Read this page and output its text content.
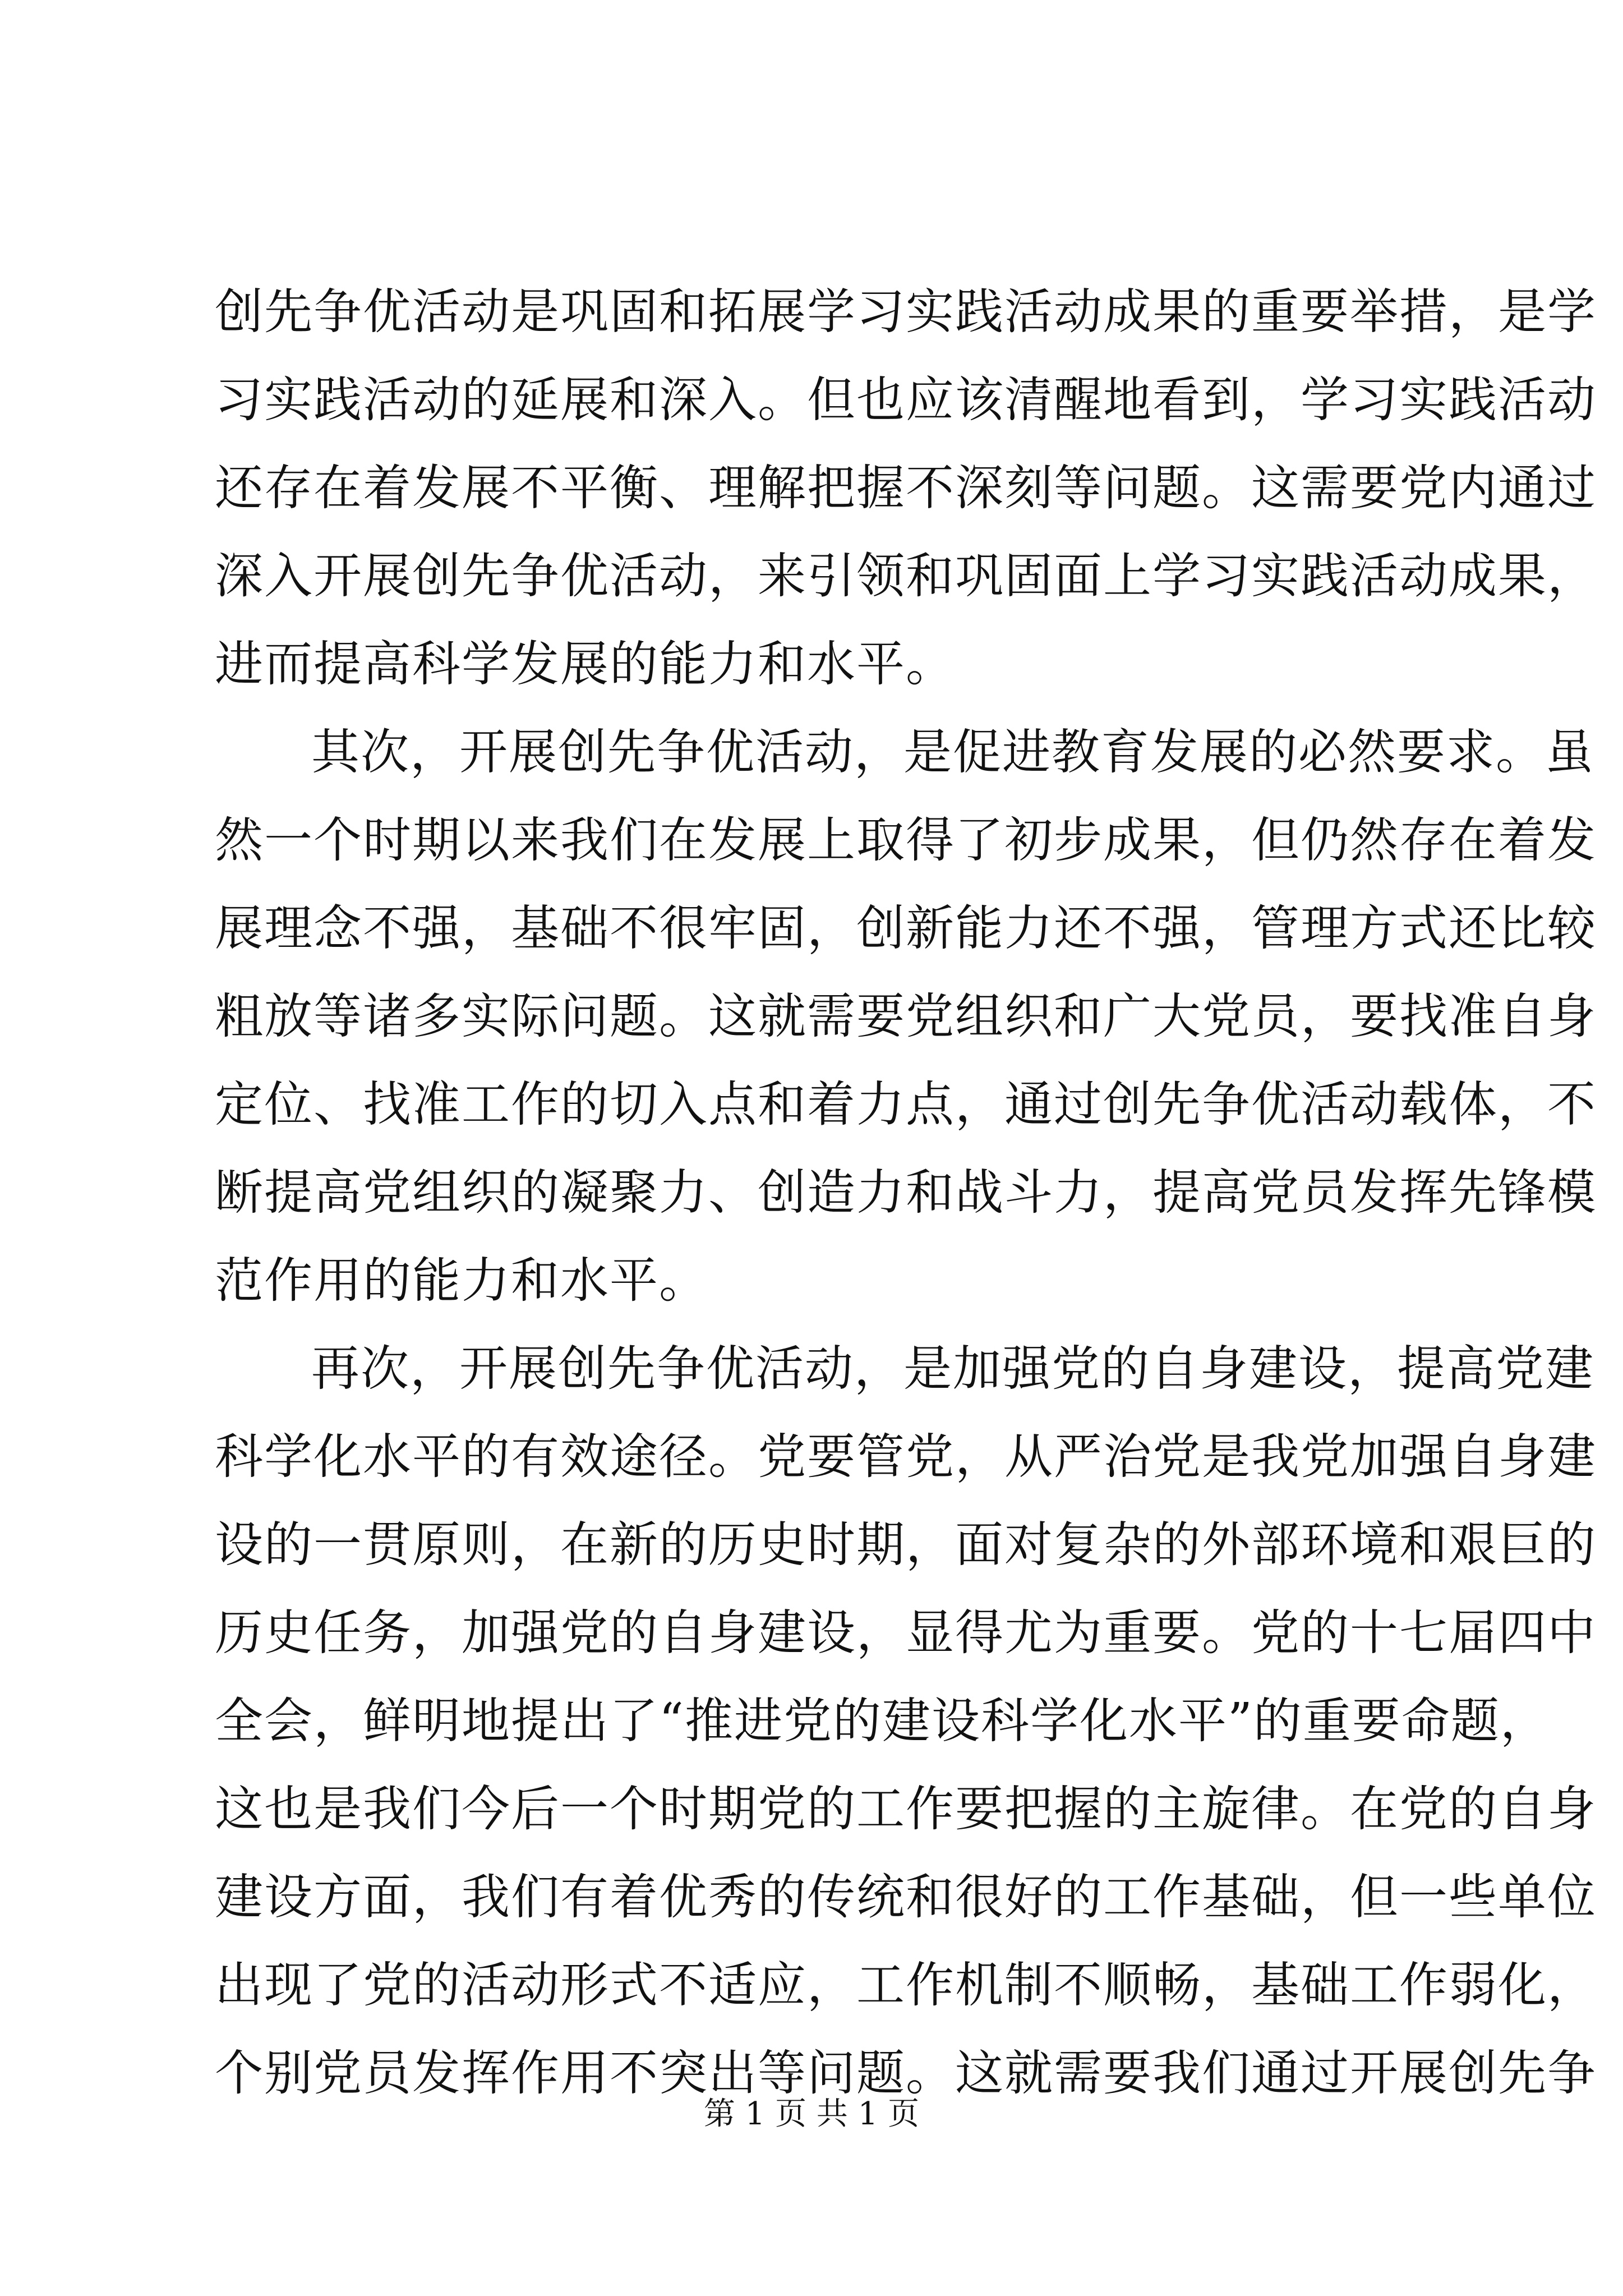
创先争优活动是巩固和拓展学习实践活动成果的重要举措，是学
习实践活动的延展和深入。但也应该清醒地看到，学习实践活动
还存在着发展不平衡、理解把握不深刻等问题。这需要党内通过
深入开展创先争优活动，来引领和巩固面上学习实践活动成果，
进而提高科学发展的能力和水平。
其次，开展创先争优活动，是促进教育发展的必然要求。虽
然一个时期以来我们在发展上取得了初步成果，但仍然存在着发
展理念不强，基础不很牢固，创新能力还不强，管理方式还比较
粗放等诸多实际问题。这就需要党组织和广大党员，要找准自身
定位、找准工作的切入点和着力点，通过创先争优活动载体，不
断提高党组织的凝聚力、创造力和战斗力，提高党员发挥先锋模
范作用的能力和水平。
再次，开展创先争优活动，是加强党的自身建设，提高党建
科学化水平的有效途径。党要管党，从严治党是我党加强自身建
设的一贯原则，在新的历史时期，面对复杂的外部环境和艰巨的
历史任务，加强党的自身建设，显得尤为重要。党的十七届四中
全会，鲜明地提出了“推进党的建设科学化水平”的重要命题，
这也是我们今后一个时期党的工作要把握的主旋律。在党的自身
建设方面，我们有着优秀的传统和很好的工作基础，但一些单位
出现了党的活动形式不适应，工作机制不顺畅，基础工作弱化，
个别党员发挥作用不突出等问题。这就需要我们通过开展创先争
第 1 页 共 1 页
